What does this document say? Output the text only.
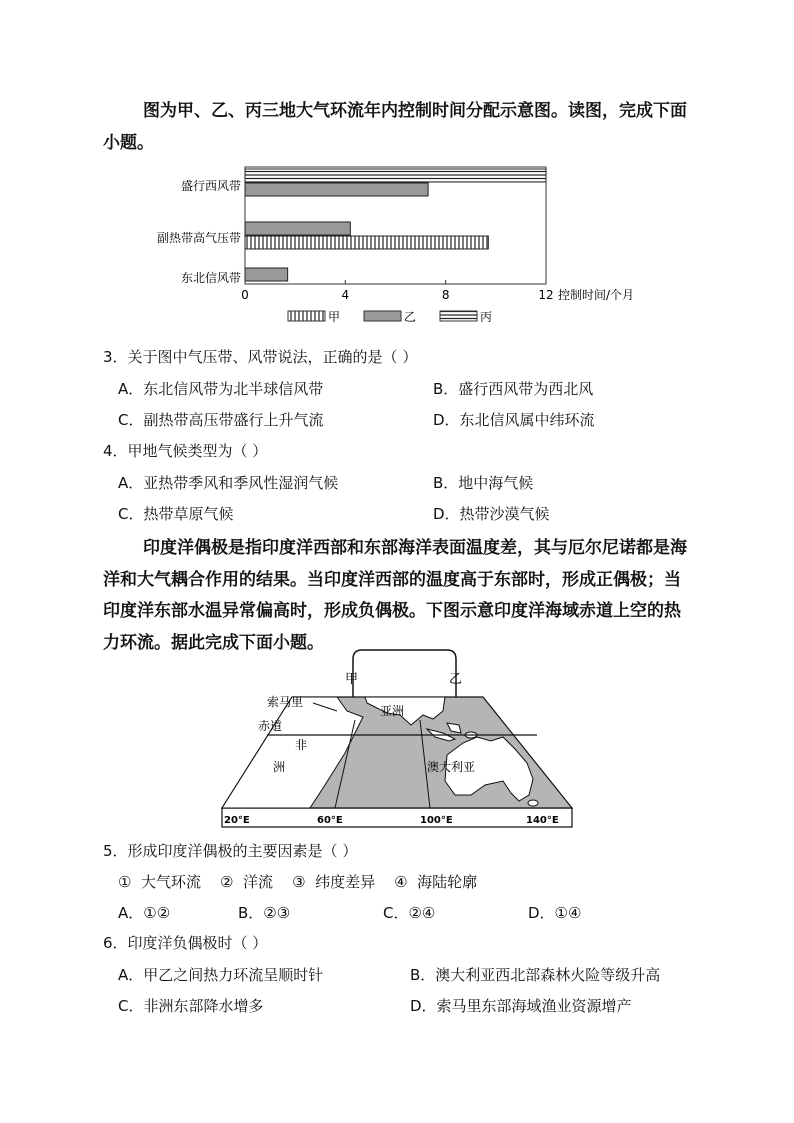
图为甲、乙、丙三地大气环流年内控制时间分配示意图。读图，完成下面小题。
0	4	8	12
盛行西风带
副热带高气压带
东北信风带
控制时间/个月
甲	乙	丙
3．关于图中气压带、风带说法，正确的是（ ）
A．东北信风带为北半球信风带	B．盛行西风带为西北风
C．副热带高压带盛行上升气流	D．东北信风属中纬环流
4．甲地气候类型为（ ）
A．亚热带季风和季风性湿润气候	B．地中海气候
C．热带草原气候	D．热带沙漠气候
印度洋偶极是指印度洋西部和东部海洋表面温度差，其与厄尔尼诺都是海洋和大气耦合作用的结果。当印度洋西部的温度高于东部时，形成正偶极；当印度洋东部水温异常偏高时，形成负偶极。下图示意印度洋海域赤道上空的热力环流。据此完成下面小题。
甲	乙
索马里
赤道
亚洲
非
洲	澳大利亚
20°E	60°E	100°E	140°E
5．形成印度洋偶极的主要因素是（ ）
①  大气环流    ②  洋流    ③  纬度差异    ④  海陆轮廓
A．①②	B．②③	C．②④	D．①④
6．印度洋负偶极时（ ）
A．甲乙之间热力环流呈顺时针	B．澳大利亚西北部森林火险等级升高
C．非洲东部降水增多	D．索马里东部海域渔业资源增产
